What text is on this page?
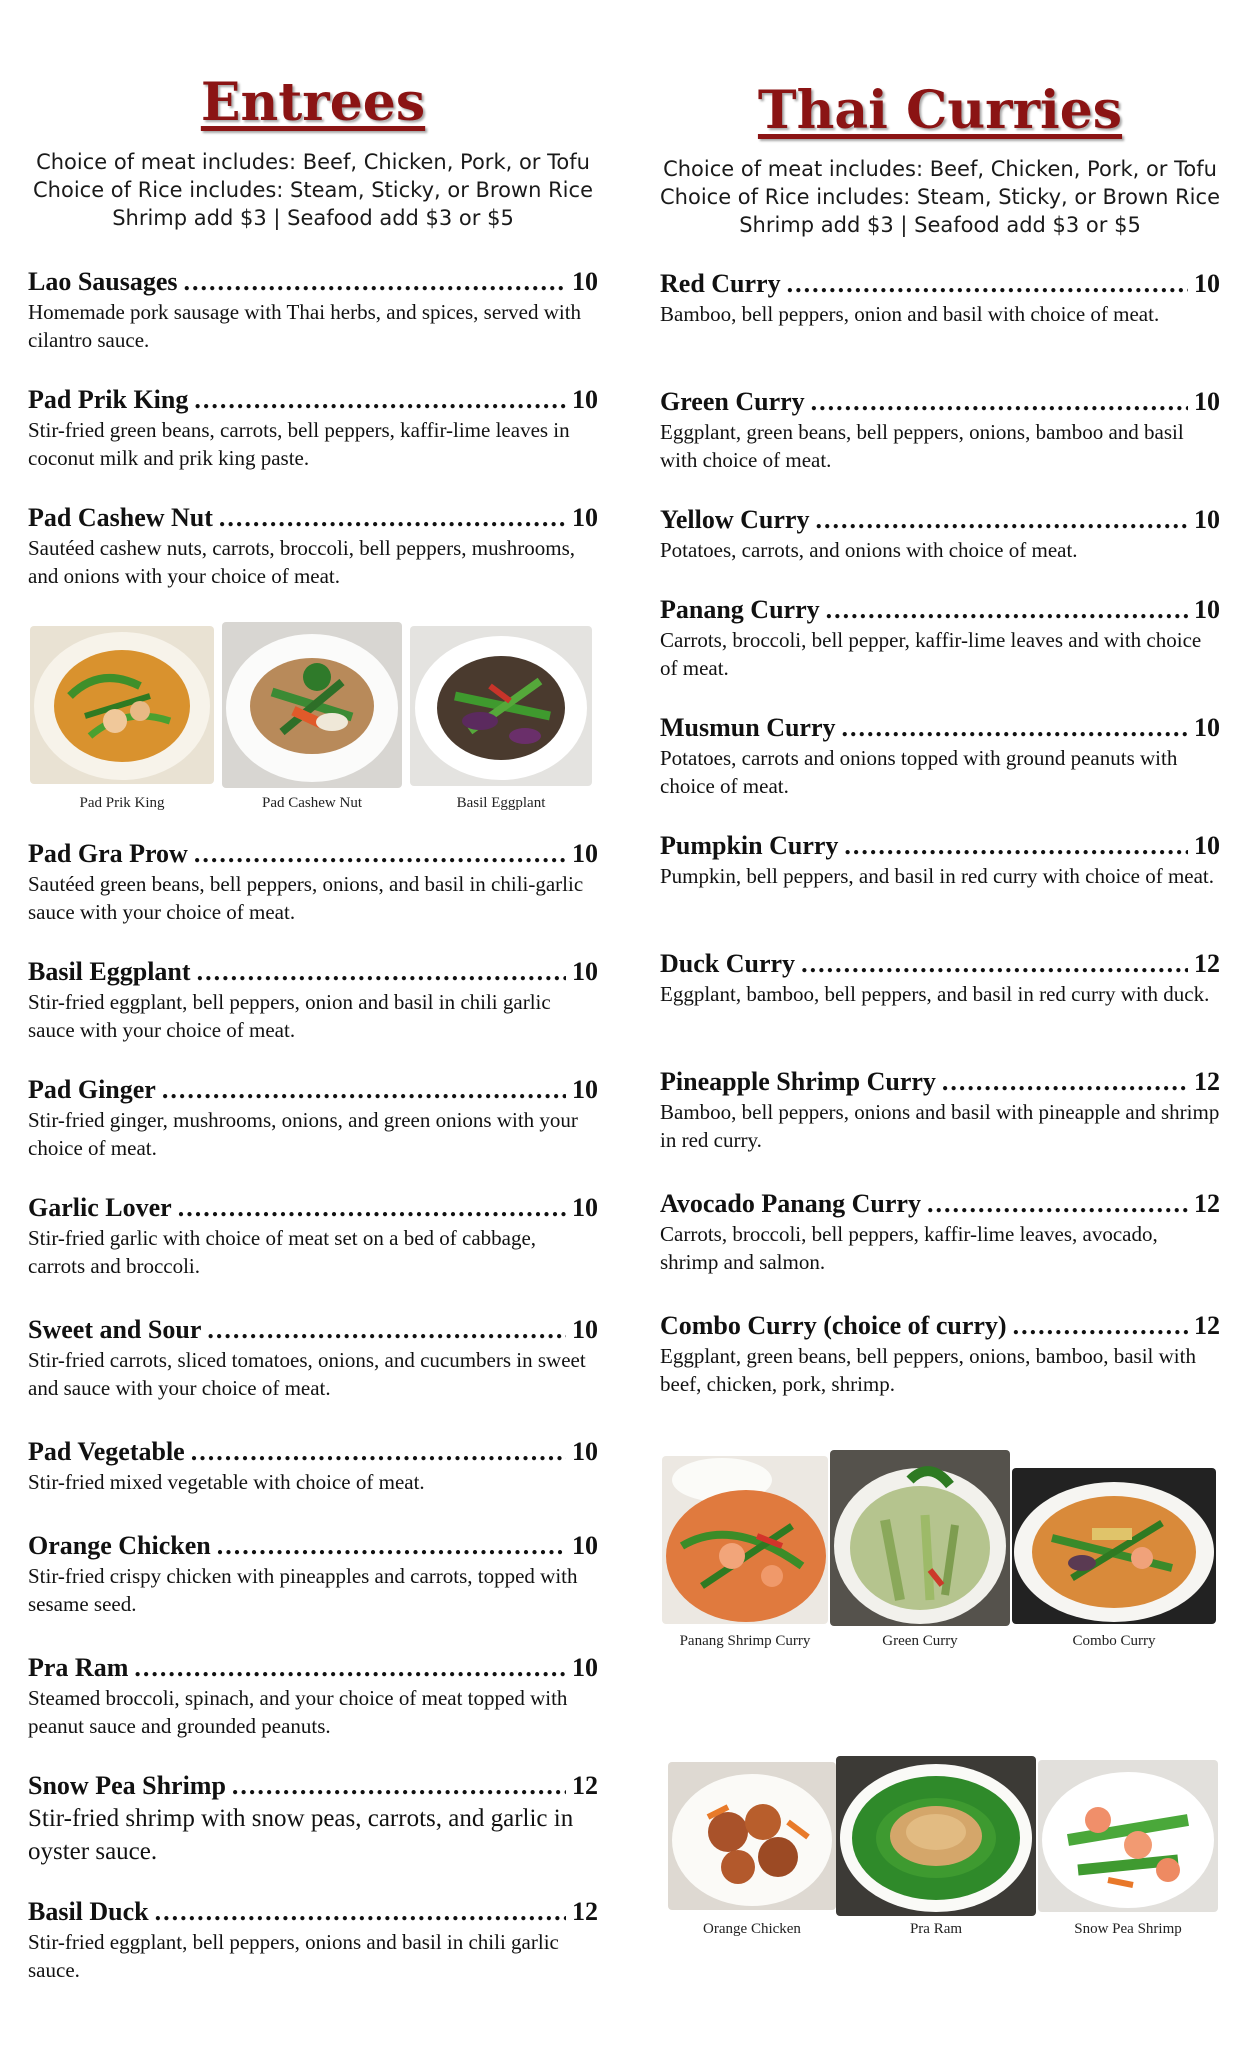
Entrees
Choice of meat includes: Beef, Chicken, Pork, or Tofu
Choice of Rice includes: Steam, Sticky, or Brown Rice
Shrimp add $3 | Seafood add $3 or $5
Lao Sausages .....	10
Homemade pork sausage with Thai herbs, and spices, served with cilantro sauce.
Pad Prik King .....	10
Stir-fried green beans, carrots, bell peppers, kaffir-lime leaves in coconut milk and prik king paste.
Pad Cashew Nut .....	10
Sautéed cashew nuts, carrots, broccoli, bell peppers, mushrooms, and onions with your choice of meat.
Pad Prik King	Pad Cashew Nut	Basil Eggplant
Pad Gra Prow .....	10
Sautéed green beans, bell peppers, onions, and basil in chili-garlic sauce with your choice of meat.
Basil Eggplant .....	10
Stir-fried eggplant, bell peppers, onion and basil in chili garlic sauce with your choice of meat.
Pad Ginger .....	10
Stir-fried ginger, mushrooms, onions, and green onions with your choice of meat.
Garlic Lover .....	10
Stir-fried garlic with choice of meat set on a bed of cabbage, carrots and broccoli.
Sweet and Sour .....	10
Stir-fried carrots, sliced tomatoes, onions, and cucumbers in sweet and sauce with your choice of meat.
Pad Vegetable .....	10
Stir-fried mixed vegetable with choice of meat.
Orange Chicken .....	10
Stir-fried crispy chicken with pineapples and carrots, topped with sesame seed.
Pra Ram .....	10
Steamed broccoli, spinach, and your choice of meat topped with peanut sauce and grounded peanuts.
Snow Pea Shrimp .....	12
Stir-fried shrimp with snow peas, carrots, and garlic in oyster sauce.
Basil Duck .....	12
Stir-fried eggplant, bell peppers, onions and basil in chili garlic sauce.
Thai Curries
Choice of meat includes: Beef, Chicken, Pork, or Tofu
Choice of Rice includes: Steam, Sticky, or Brown Rice
Shrimp add $3 | Seafood add $3 or $5
Red Curry .....	10
Bamboo, bell peppers, onion and basil with choice of meat.
Green Curry .....	10
Eggplant, green beans, bell peppers, onions, bamboo and basil with choice of meat.
Yellow Curry .....	10
Potatoes, carrots, and onions with choice of meat.
Panang Curry .....	10
Carrots, broccoli, bell pepper, kaffir-lime leaves and with choice of meat.
Musmun Curry .....	10
Potatoes, carrots and onions topped with ground peanuts with choice of meat.
Pumpkin Curry .....	10
Pumpkin, bell peppers, and basil in red curry with choice of meat.
Duck Curry .....	12
Eggplant, bamboo, bell peppers, and basil in red curry with duck.
Pineapple Shrimp Curry .....	12
Bamboo, bell peppers, onions and basil with pineapple and shrimp in red curry.
Avocado Panang Curry .....	12
Carrots, broccoli, bell peppers, kaffir-lime leaves, avocado, shrimp and salmon.
Combo Curry (choice of curry) .....	12
Eggplant, green beans, bell peppers, onions, bamboo, basil with beef, chicken, pork, shrimp.
Panang Shrimp Curry	Green Curry	Combo Curry
Orange Chicken	Pra Ram	Snow Pea Shrimp
